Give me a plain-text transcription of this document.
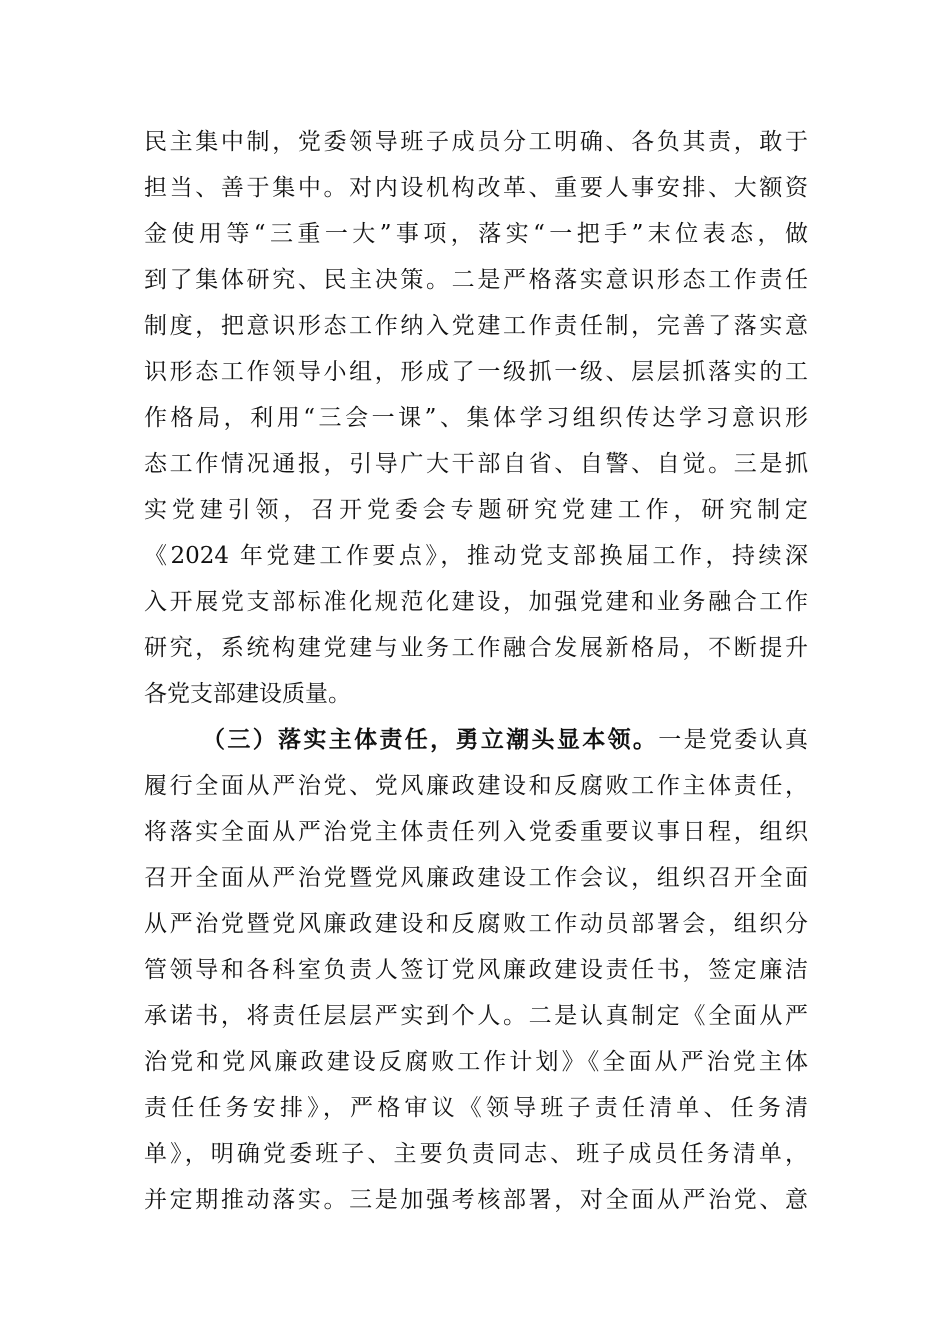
民主集中制，党委领导班子成员分工明确、各负其责，敢于
担当、善于集中。对内设机构改革、重要人事安排、大额资
金使用等“三重一大”事项，落实“一把手”末位表态，做
到了集体研究、民主决策。二是严格落实意识形态工作责任
制度，把意识形态工作纳入党建工作责任制，完善了落实意
识形态工作领导小组，形成了一级抓一级、层层抓落实的工
作格局，利用“三会一课”、集体学习组织传达学习意识形
态工作情况通报，引导广大干部自省、自警、自觉。三是抓
实党建引领，召开党委会专题研究党建工作，研究制定
《2024 年党建工作要点》，推动党支部换届工作，持续深
入开展党支部标准化规范化建设，加强党建和业务融合工作
研究，系统构建党建与业务工作融合发展新格局，不断提升
各党支部建设质量。
（三）落实主体责任，勇立潮头显本领。一是党委认真
履行全面从严治党、党风廉政建设和反腐败工作主体责任，
将落实全面从严治党主体责任列入党委重要议事日程，组织
召开全面从严治党暨党风廉政建设工作会议，组织召开全面
从严治党暨党风廉政建设和反腐败工作动员部署会，组织分
管领导和各科室负责人签订党风廉政建设责任书，签定廉洁
承诺书，将责任层层严实到个人。二是认真制定《全面从严
治党和党风廉政建设反腐败工作计划》《全面从严治党主体
责任任务安排》，严格审议《领导班子责任清单、任务清
单》，明确党委班子、主要负责同志、班子成员任务清单，
并定期推动落实。三是加强考核部署，对全面从严治党、意
